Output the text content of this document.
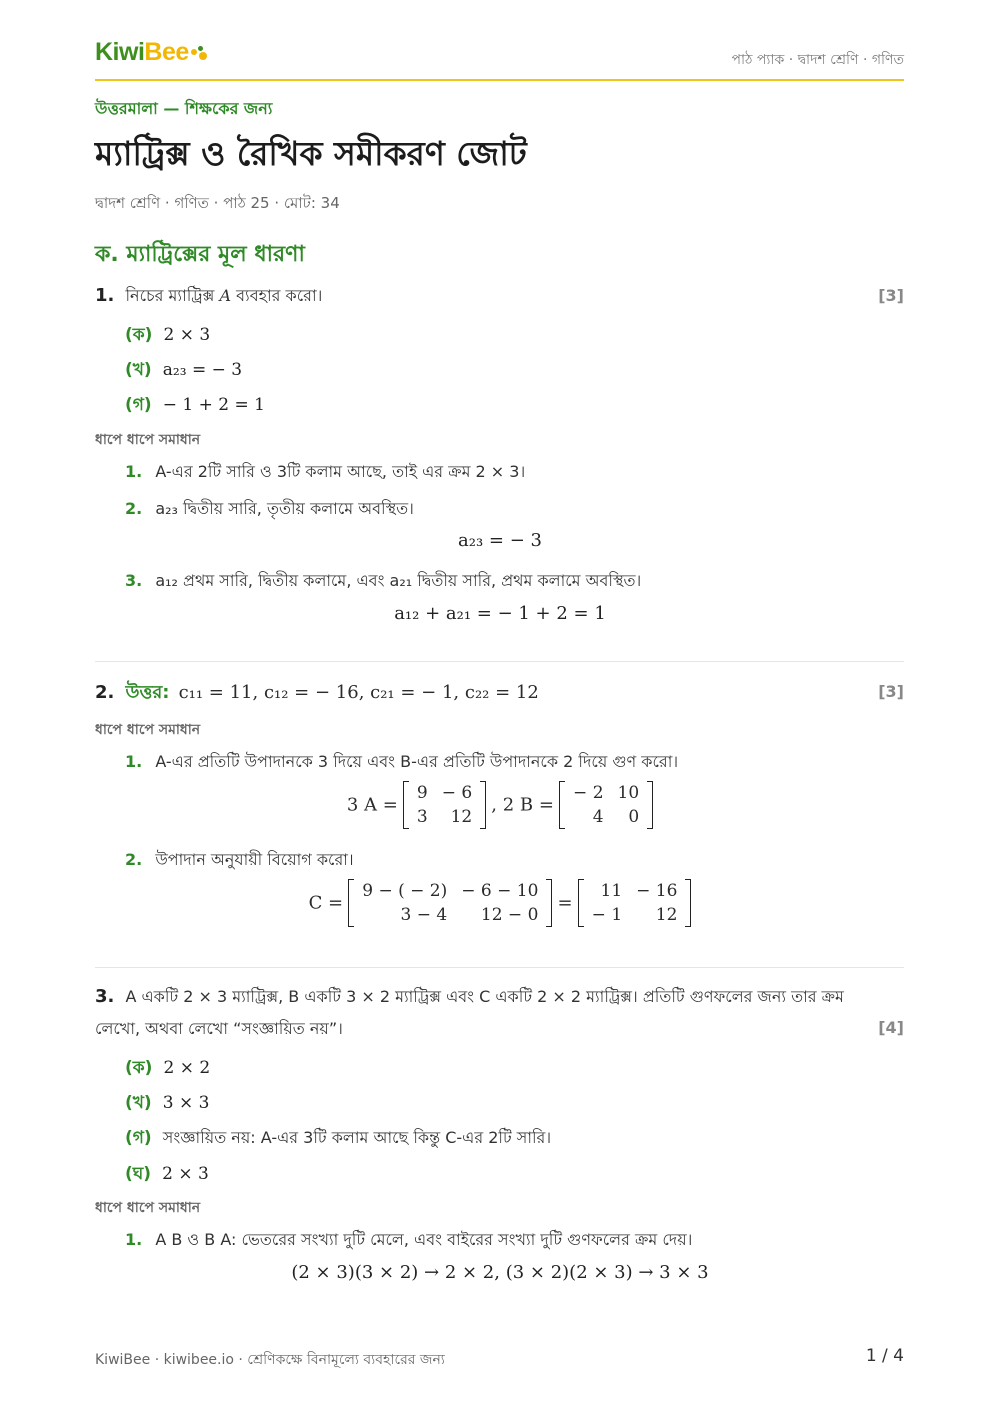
KiwiBee	পাঠ প্যাক · দ্বাদশ শ্রেণি · গণিত
উত্তরমালা — শিক্ষকের জন্য
ম্যাট্রিক্স ও রৈখিক সমীকরণ জোট
দ্বাদশ শ্রেণি · গণিত · পাঠ 25 · মোট: 34
ক. ম্যাট্রিক্সের মূল ধারণা
1. নিচের ম্যাট্রিক্স A ব্যবহার করো।	[3]
(ক) 2 × 3
(খ) a₂₃ = − 3
(গ) − 1 + 2 = 1
ধাপে ধাপে সমাধান
1. A-এর 2টি সারি ও 3টি কলাম আছে, তাই এর ক্রম 2 × 3।
2. a₂₃ দ্বিতীয় সারি, তৃতীয় কলামে অবস্থিত।
a₂₃ = − 3
3. a₁₂ প্রথম সারি, দ্বিতীয় কলামে, এবং a₂₁ দ্বিতীয় সারি, প্রথম কলামে অবস্থিত।
a₁₂ + a₂₁ = − 1 + 2 = 1
2. উত্তর: c₁₁ = 11, c₁₂ = − 16, c₂₁ = − 1, c₂₂ = 12	[3]
ধাপে ধাপে সমাধান
1. A-এর প্রতিটি উপাদানকে 3 দিয়ে এবং B-এর প্রতিটি উপাদানকে 2 দিয়ে গুণ করো।
3 A =
9	− 6
3	12
, 2 B =
− 2	10
4	0
2. উপাদান অনুযায়ী বিয়োগ করো।
C =
9 − ( − 2)	− 6 − 10
3 − 4	12 − 0
=
11	− 16
− 1	12
3. A একটি 2 × 3 ম্যাট্রিক্স, B একটি 3 × 2 ম্যাট্রিক্স এবং C একটি 2 × 2 ম্যাট্রিক্স। প্রতিটি গুণফলের জন্য তার ক্রম
লেখো, অথবা লেখো “সংজ্ঞায়িত নয়”।	[4]
(ক) 2 × 2
(খ) 3 × 3
(গ) সংজ্ঞায়িত নয়: A-এর 3টি কলাম আছে কিন্তু C-এর 2টি সারি।
(ঘ) 2 × 3
ধাপে ধাপে সমাধান
1. A B ও B A: ভেতরের সংখ্যা দুটি মেলে, এবং বাইরের সংখ্যা দুটি গুণফলের ক্রম দেয়।
(2 × 3)(3 × 2) → 2 × 2, (3 × 2)(2 × 3) → 3 × 3
KiwiBee · kiwibee.io · শ্রেণিকক্ষে বিনামূল্যে ব্যবহারের জন্য	1 / 4
